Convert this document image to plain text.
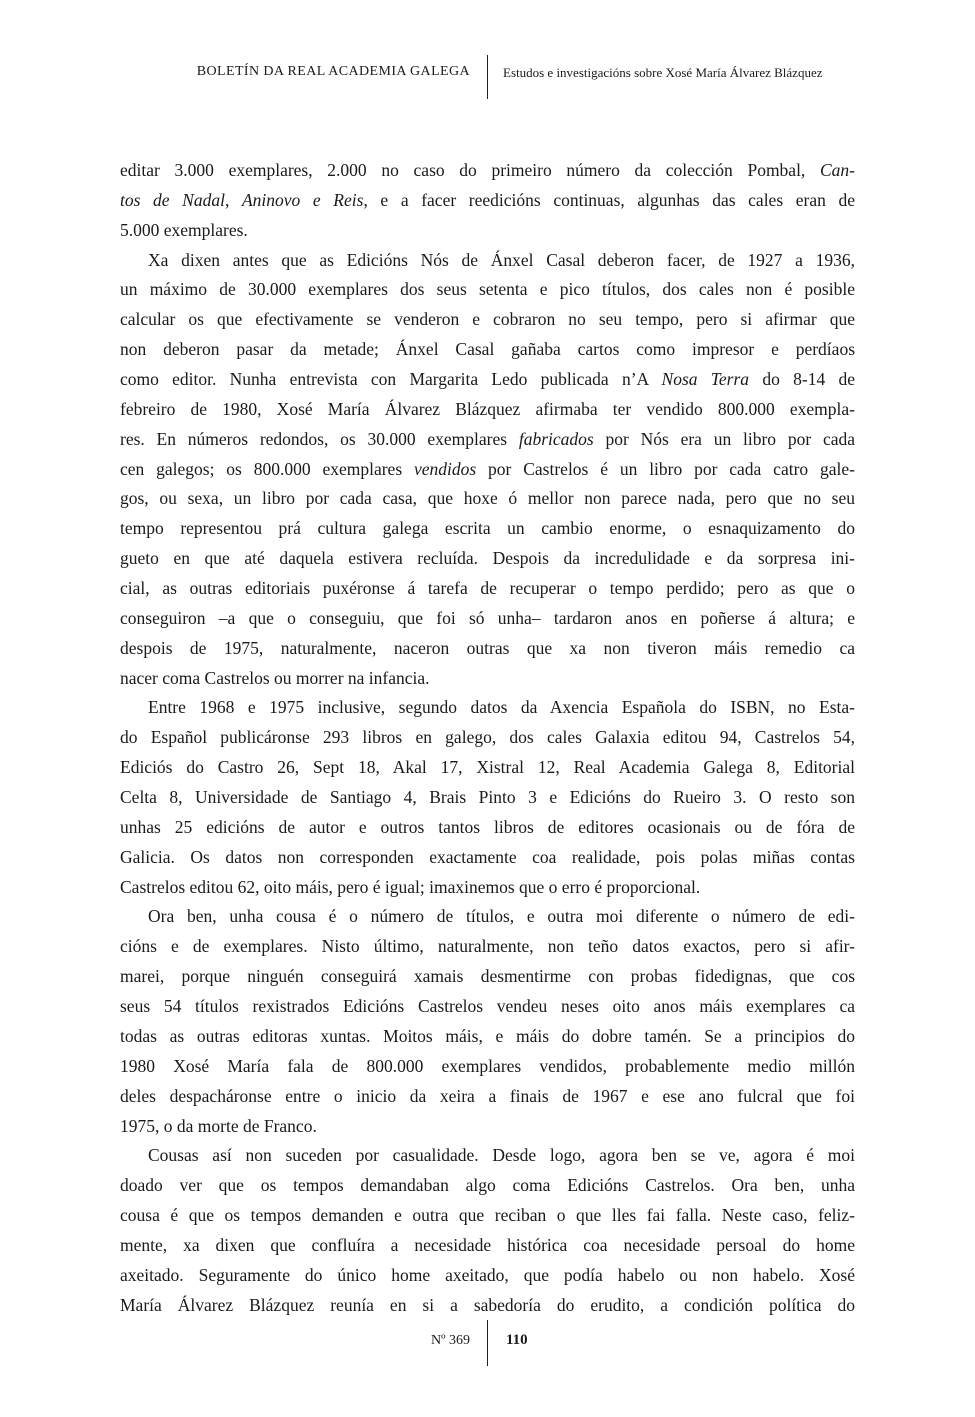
BOLETÍN DA REAL ACADEMIA GALEGA	Estudos e investigacións sobre Xosé María Álvarez Blázquez
editar 3.000 exemplares, 2.000 no caso do primeiro número da colección Pombal, Can-
tos de Nadal, Aninovo e Reis, e a facer reedicións continuas, algunhas das cales eran de
5.000 exemplares.
Xa dixen antes que as Edicións Nós de Ánxel Casal deberon facer, de 1927 a 1936,
un máximo de 30.000 exemplares dos seus setenta e pico títulos, dos cales non é posible
calcular os que efectivamente se venderon e cobraron no seu tempo, pero si afirmar que
non deberon pasar da metade; Ánxel Casal gañaba cartos como impresor e perdíaos
como editor. Nunha entrevista con Margarita Ledo publicada n’A Nosa Terra do 8-14 de
febreiro de 1980, Xosé María Álvarez Blázquez afirmaba ter vendido 800.000 exempla-
res. En números redondos, os 30.000 exemplares fabricados por Nós era un libro por cada
cen galegos; os 800.000 exemplares vendidos por Castrelos é un libro por cada catro gale-
gos, ou sexa, un libro por cada casa, que hoxe ó mellor non parece nada, pero que no seu
tempo representou prá cultura galega escrita un cambio enorme, o esnaquizamento do
gueto en que até daquela estivera recluída. Despois da incredulidade e da sorpresa ini-
cial, as outras editoriais puxéronse á tarefa de recuperar o tempo perdido; pero as que o
conseguiron –a que o conseguiu, que foi só unha– tardaron anos en poñerse á altura; e
despois de 1975, naturalmente, naceron outras que xa non tiveron máis remedio ca
nacer coma Castrelos ou morrer na infancia.
Entre 1968 e 1975 inclusive, segundo datos da Axencia Española do ISBN, no Esta-
do Español publicáronse 293 libros en galego, dos cales Galaxia editou 94, Castrelos 54,
Ediciós do Castro 26, Sept 18, Akal 17, Xistral 12, Real Academia Galega 8, Editorial
Celta 8, Universidade de Santiago 4, Brais Pinto 3 e Edicións do Rueiro 3. O resto son
unhas 25 edicións de autor e outros tantos libros de editores ocasionais ou de fóra de
Galicia. Os datos non corresponden exactamente coa realidade, pois polas miñas contas
Castrelos editou 62, oito máis, pero é igual; imaxinemos que o erro é proporcional.
Ora ben, unha cousa é o número de títulos, e outra moi diferente o número de edi-
cións e de exemplares. Nisto último, naturalmente, non teño datos exactos, pero si afir-
marei, porque ninguén conseguirá xamais desmentirme con probas fidedignas, que cos
seus 54 títulos rexistrados Edicións Castrelos vendeu neses oito anos máis exemplares ca
todas as outras editoras xuntas. Moitos máis, e máis do dobre tamén. Se a principios do
1980 Xosé María fala de 800.000 exemplares vendidos, probablemente medio millón
deles despacháronse entre o inicio da xeira a finais de 1967 e ese ano fulcral que foi
1975, o da morte de Franco.
Cousas así non suceden por casualidade. Desde logo, agora ben se ve, agora é moi
doado ver que os tempos demandaban algo coma Edicións Castrelos. Ora ben, unha
cousa é que os tempos demanden e outra que reciban o que lles fai falla. Neste caso, feliz-
mente, xa dixen que confluíra a necesidade histórica coa necesidade persoal do home
axeitado. Seguramente do único home axeitado, que podía habelo ou non habelo. Xosé
María Álvarez Blázquez reunía en si a sabedoría do erudito, a condición política do
Nº 369 110
